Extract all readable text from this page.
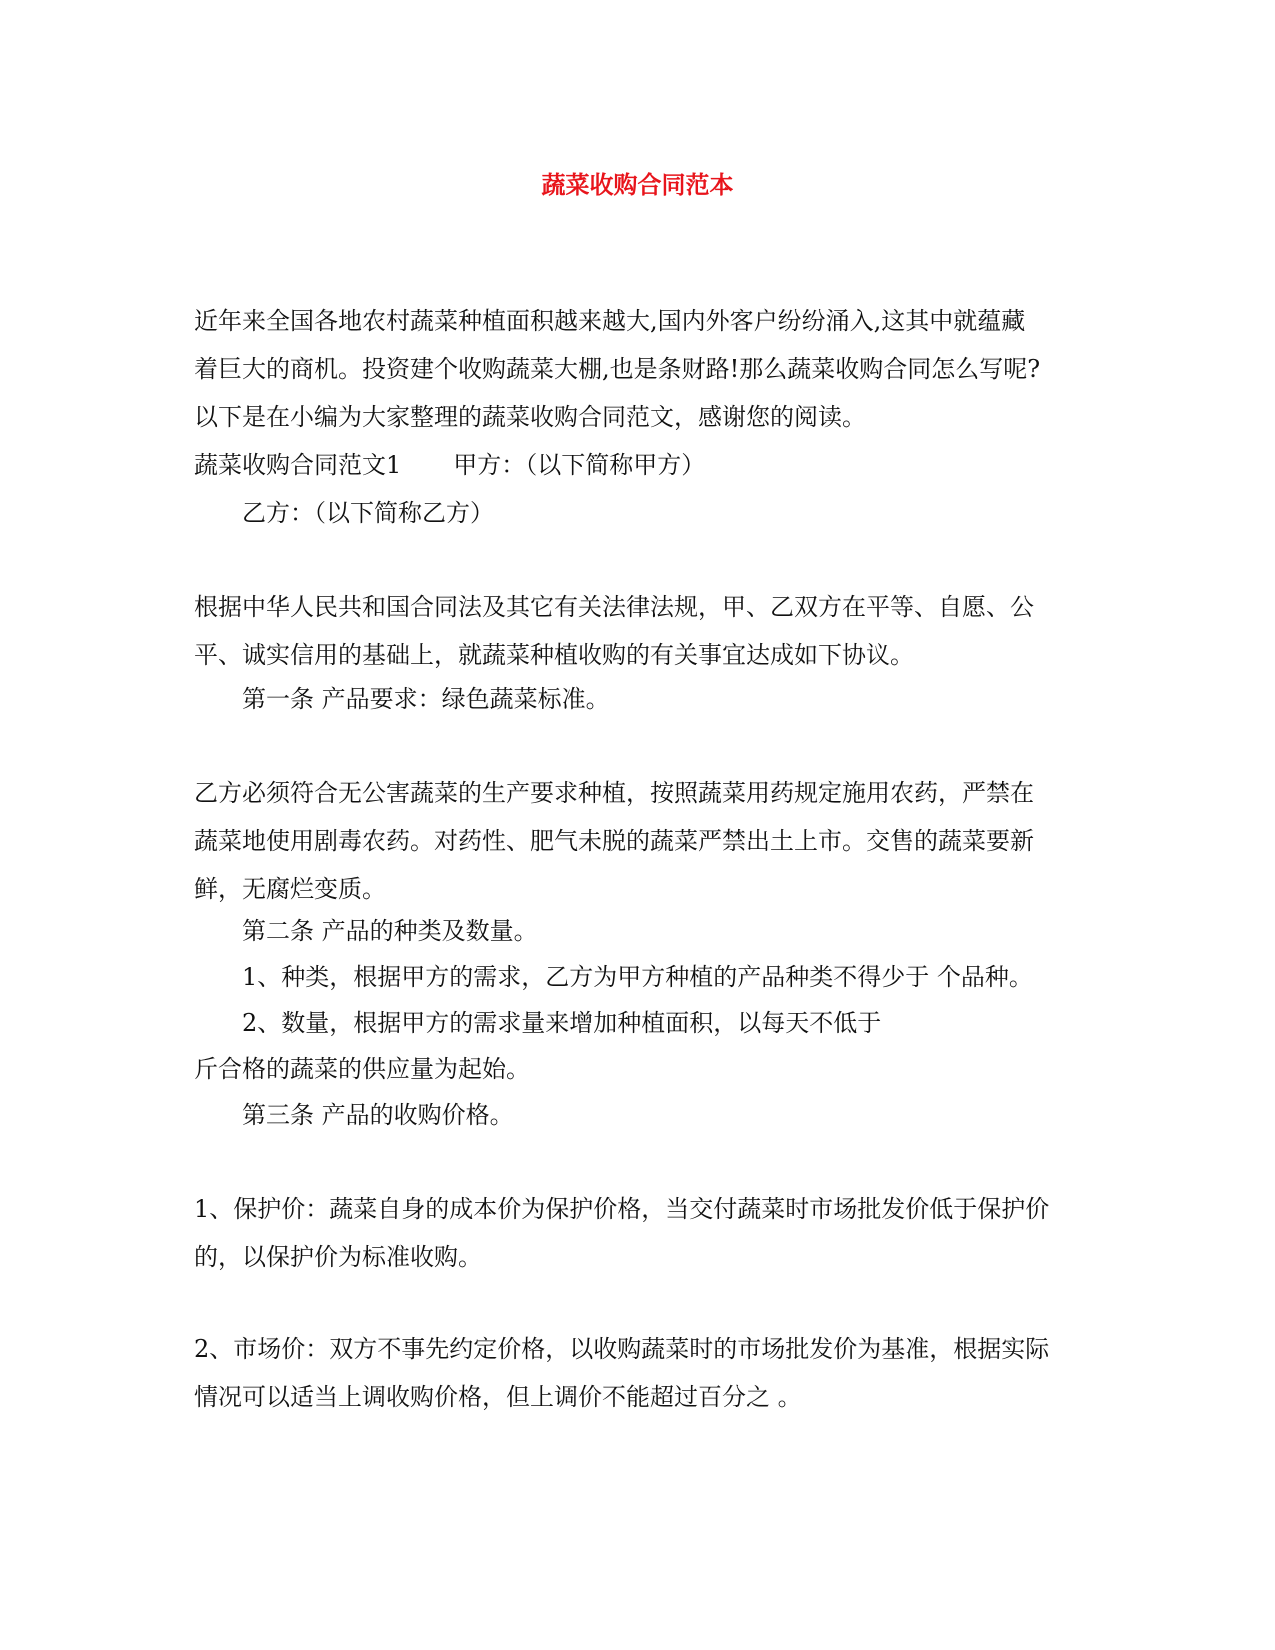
蔬菜收购合同范本
近年来全国各地农村蔬菜种植面积越来越大,国内外客户纷纷涌入,这其中就蕴藏
着巨大的商机。投资建个收购蔬菜大棚,也是条财路!那么蔬菜收购合同怎么写呢?
以下是在小编为大家整理的蔬菜收购合同范文，感谢您的阅读。
蔬菜收购合同范文1 甲方：（以下简称甲方）
乙方：（以下简称乙方）
根据中华人民共和国合同法及其它有关法律法规，甲、乙双方在平等、自愿、公
平、诚实信用的基础上，就蔬菜种植收购的有关事宜达成如下协议。
第一条 产品要求：绿色蔬菜标准。
乙方必须符合无公害蔬菜的生产要求种植，按照蔬菜用药规定施用农药，严禁在
蔬菜地使用剧毒农药。对药性、肥气未脱的蔬菜严禁出土上市。交售的蔬菜要新
鲜，无腐烂变质。
第二条 产品的种类及数量。
1、种类，根据甲方的需求，乙方为甲方种植的产品种类不得少于 个品种。
2、数量，根据甲方的需求量来增加种植面积，以每天不低于
斤合格的蔬菜的供应量为起始。
第三条 产品的收购价格。
1、保护价：蔬菜自身的成本价为保护价格，当交付蔬菜时市场批发价低于保护价
的，以保护价为标准收购。
2、市场价：双方不事先约定价格，以收购蔬菜时的市场批发价为基准，根据实际
情况可以适当上调收购价格，但上调价不能超过百分之 。
